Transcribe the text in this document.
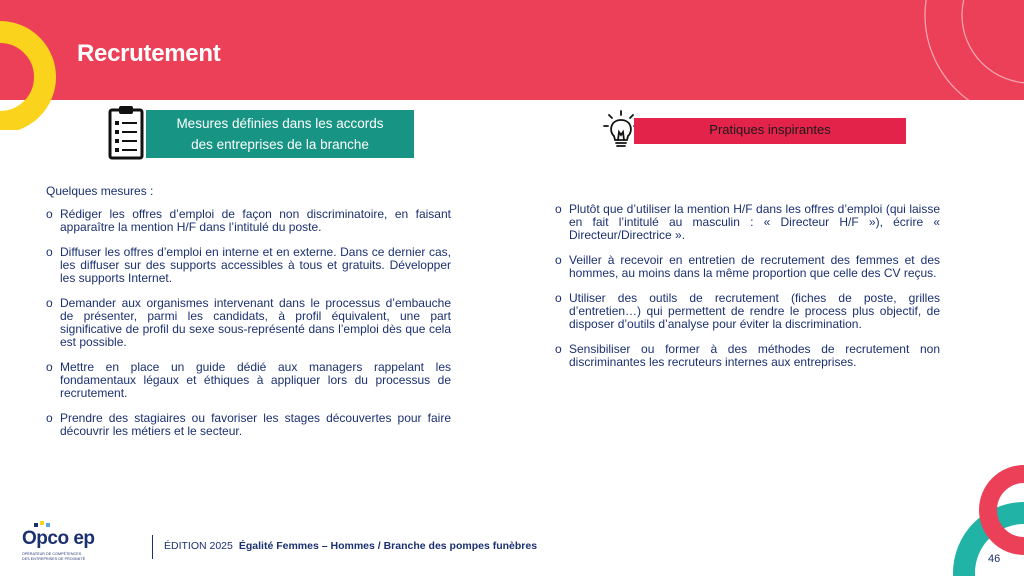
Recrutement
Mesures définies dans les accords
des entreprises de la branche
Pratiques inspirantes
Quelques mesures :
o Rédiger les offres d’emploi de façon non discriminatoire, en faisant apparaître la mention H/F dans l’intitulé du poste.
o Diffuser les offres d’emploi en interne et en externe. Dans ce dernier cas, les diffuser sur des supports accessibles à tous et gratuits. Développer les supports Internet.
o Demander aux organismes intervenant dans le processus d’embauche de présenter, parmi les candidats, à profil équivalent, une part significative de profil du sexe sous-représenté dans l’emploi dès que cela est possible.
o Mettre en place un guide dédié aux managers rappelant les fondamentaux légaux et éthiques à appliquer lors du processus de recrutement.
o Prendre des stagiaires ou favoriser les stages découvertes pour faire découvrir les métiers et le secteur.
o Plutôt que d’utiliser la mention H/F dans les offres d’emploi (qui laisse en fait l’intitulé au masculin : « Directeur H/F »), écrire « Directeur/Directrice ».
o Veiller à recevoir en entretien de recrutement des femmes et des hommes, au moins dans la même proportion que celle des CV reçus.
o Utiliser des outils de recrutement (fiches de poste, grilles d’entretien…) qui permettent de rendre le process plus objectif, de disposer d’outils d’analyse pour éviter la discrimination.
o Sensibiliser ou former à des méthodes de recrutement non discriminantes les recruteurs internes aux entreprises.
Opco ep
OPÉRATEUR DE COMPÉTENCES
DES ENTREPRISES DE PROXIMITÉ
ÉDITION 2025 Égalité Femmes – Hommes / Branche des pompes funèbres
46
